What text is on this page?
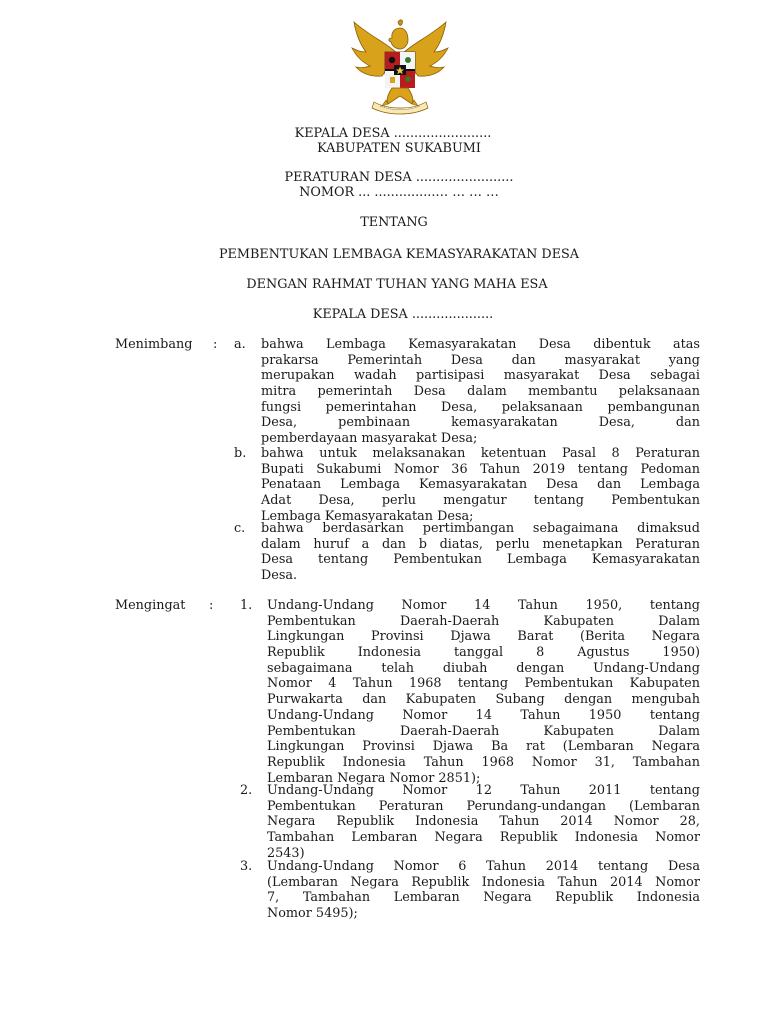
KEPALA DESA ........................
KABUPATEN SUKABUMI
PERATURAN DESA ........................
NOMOR ... ...............… … … …
TENTANG
PEMBENTUKAN LEMBAGA KEMASYARAKATAN DESA
DENGAN RAHMAT TUHAN YANG MAHA ESA
KEPALA DESA ....................
Menimbang : a. bahwa Lembaga Kemasyarakatan Desa dibentuk atas
prakarsa Pemerintah Desa dan masyarakat yang
merupakan wadah partisipasi masyarakat Desa sebagai
mitra pemerintah Desa dalam membantu pelaksanaan
fungsi pemerintahan Desa, pelaksanaan pembangunan
Desa, pembinaan kemasyarakatan Desa, dan
pemberdayaan masyarakat Desa;
b. bahwa untuk melaksanakan ketentuan Pasal 8 Peraturan
Bupati Sukabumi Nomor 36 Tahun 2019 tentang Pedoman
Penataan Lembaga Kemasyarakatan Desa dan Lembaga
Adat Desa, perlu mengatur tentang Pembentukan
Lembaga Kemasyarakatan Desa;
c. bahwa berdasarkan pertimbangan sebagaimana dimaksud
dalam huruf a dan b diatas, perlu menetapkan Peraturan
Desa tentang Pembentukan Lembaga Kemasyarakatan
Desa.
Mengingat : 1. Undang-Undang Nomor 14 Tahun 1950, tentang
Pembentukan Daerah-Daerah Kabupaten Dalam
Lingkungan Provinsi Djawa Barat (Berita Negara
Republik Indonesia tanggal 8 Agustus 1950)
sebagaimana telah diubah dengan Undang-Undang
Nomor 4 Tahun 1968 tentang Pembentukan Kabupaten
Purwakarta dan Kabupaten Subang dengan mengubah
Undang-Undang Nomor 14 Tahun 1950 tentang
Pembentukan Daerah-Daerah Kabupaten Dalam
Lingkungan Provinsi Djawa Ba rat (Lembaran Negara
Republik Indonesia Tahun 1968 Nomor 31, Tambahan
Lembaran Negara Nomor 2851);
2. Undang-Undang Nomor 12 Tahun 2011 tentang
Pembentukan Peraturan Perundang-undangan (Lembaran
Negara Republik Indonesia Tahun 2014 Nomor 28,
Tambahan Lembaran Negara Republik Indonesia Nomor
2543)
3. Undang-Undang Nomor 6 Tahun 2014 tentang Desa
(Lembaran Negara Republik Indonesia Tahun 2014 Nomor
7, Tambahan Lembaran Negara Republik Indonesia
Nomor 5495);
